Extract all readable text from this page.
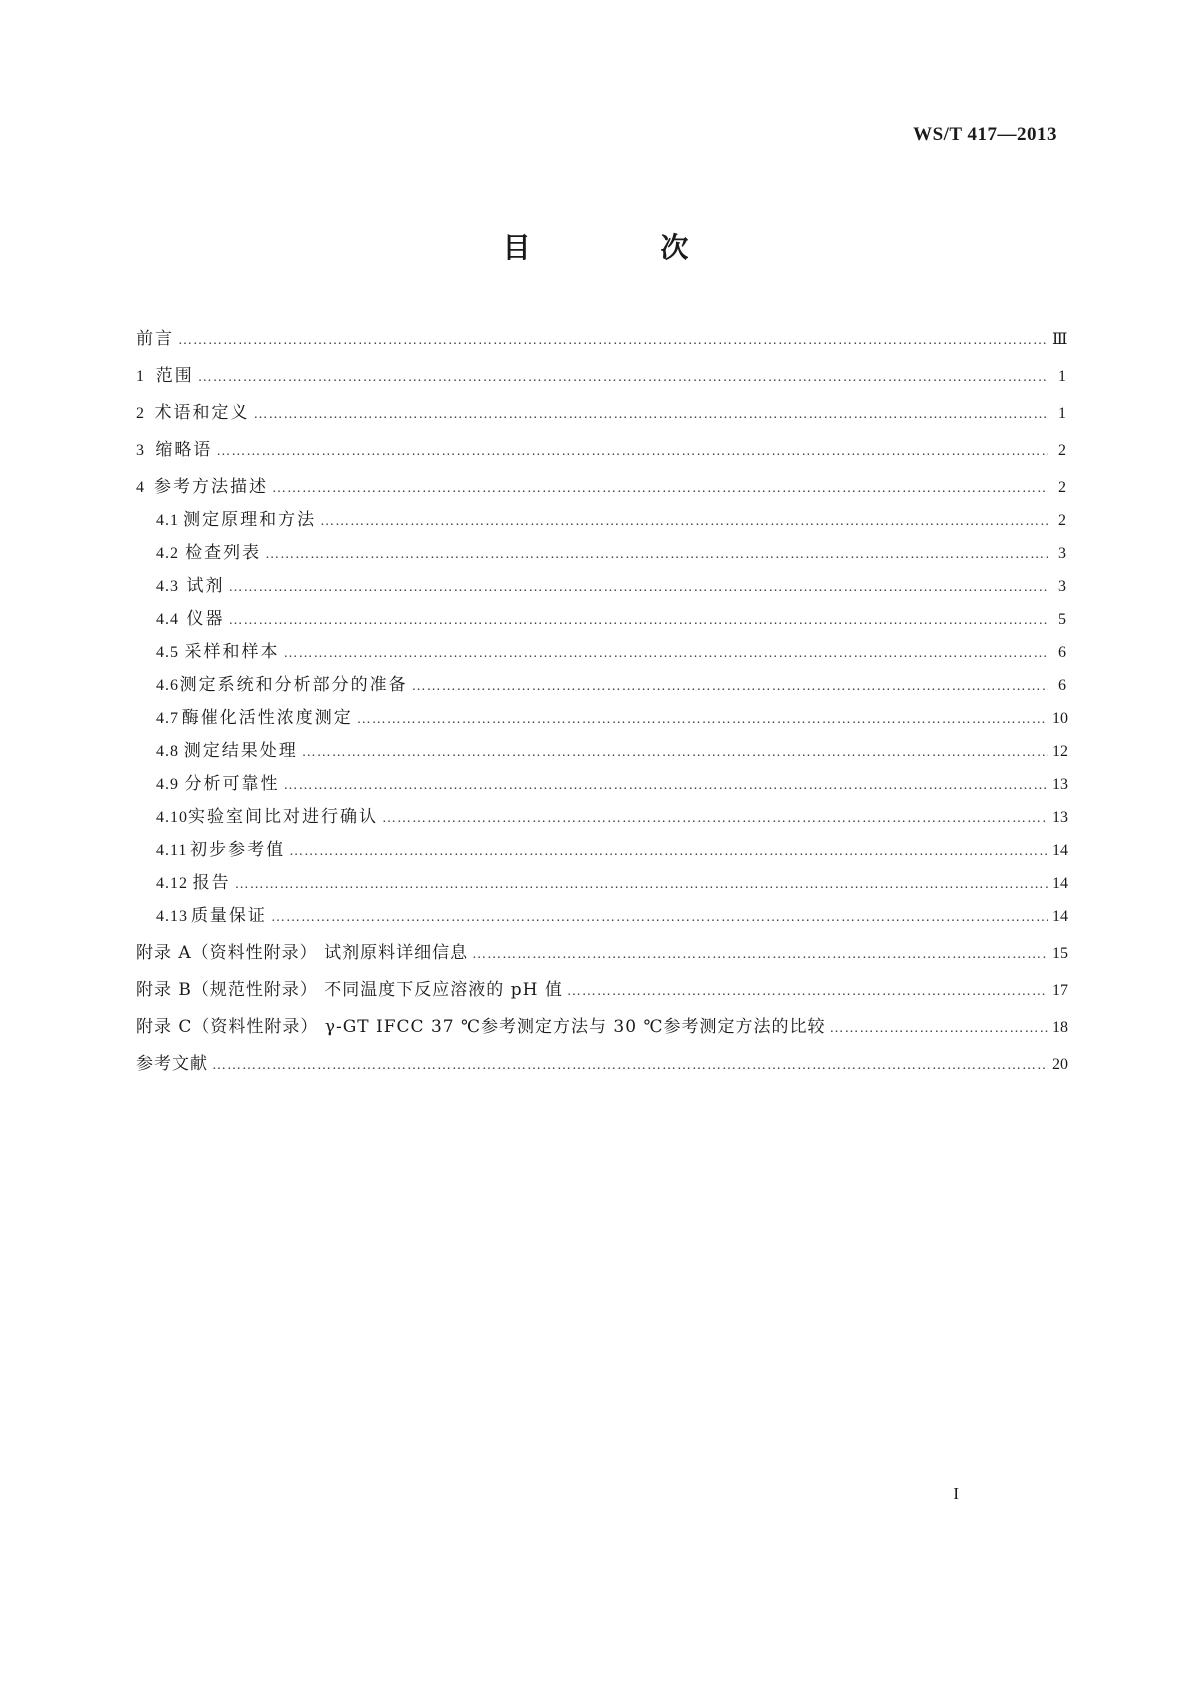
WS/T 417—2013
目 次
前言 ……………………………………………………………………………………………………………………………………………………………………………………………………………………………………	Ⅲ
1 范围 ……………………………………………………………………………………………………………………………………………………………………………………………………………………………………	1
2 术语和定义 ……………………………………………………………………………………………………………………………………………………………………………………………………………………………………	1
3 缩略语 ……………………………………………………………………………………………………………………………………………………………………………………………………………………………………	2
4 参考方法描述 ……………………………………………………………………………………………………………………………………………………………………………………………………………………………………	2
4.1 测定原理和方法 ……………………………………………………………………………………………………………………………………………………………………………………………………………………………………	2
4.2 检查列表 ……………………………………………………………………………………………………………………………………………………………………………………………………………………………………	3
4.3 试剂 ……………………………………………………………………………………………………………………………………………………………………………………………………………………………………	3
4.4 仪器 ……………………………………………………………………………………………………………………………………………………………………………………………………………………………………	5
4.5 采样和样本 ……………………………………………………………………………………………………………………………………………………………………………………………………………………………………	6
4.6 测定系统和分析部分的准备 ……………………………………………………………………………………………………………………………………………………………………………………………………………………………………	6
4.7 酶催化活性浓度测定 ……………………………………………………………………………………………………………………………………………………………………………………………………………………………………	10
4.8 测定结果处理 ……………………………………………………………………………………………………………………………………………………………………………………………………………………………………	12
4.9 分析可靠性 ……………………………………………………………………………………………………………………………………………………………………………………………………………………………………	13
4.10 实验室间比对进行确认 ……………………………………………………………………………………………………………………………………………………………………………………………………………………………………	13
4.11 初步参考值 ……………………………………………………………………………………………………………………………………………………………………………………………………………………………………	14
4.12 报告 ……………………………………………………………………………………………………………………………………………………………………………………………………………………………………	14
4.13 质量保证 ……………………………………………………………………………………………………………………………………………………………………………………………………………………………………	14
附录 A（资料性附录） 试剂原料详细信息 ……………………………………………………………………………………………………………………………………………………………………………………………………………………………………	15
附录 B（规范性附录） 不同温度下反应溶液的 pH 值 ……………………………………………………………………………………………………………………………………………………………………………………………………………………………………	17
附录 C（资料性附录） γ-GT IFCC 37 ℃参考测定方法与 30 ℃参考测定方法的比较 ……………………………………………………………………………………………………………………………………………………………………………………………………………………………………	18
参考文献 ……………………………………………………………………………………………………………………………………………………………………………………………………………………………………	20
I
